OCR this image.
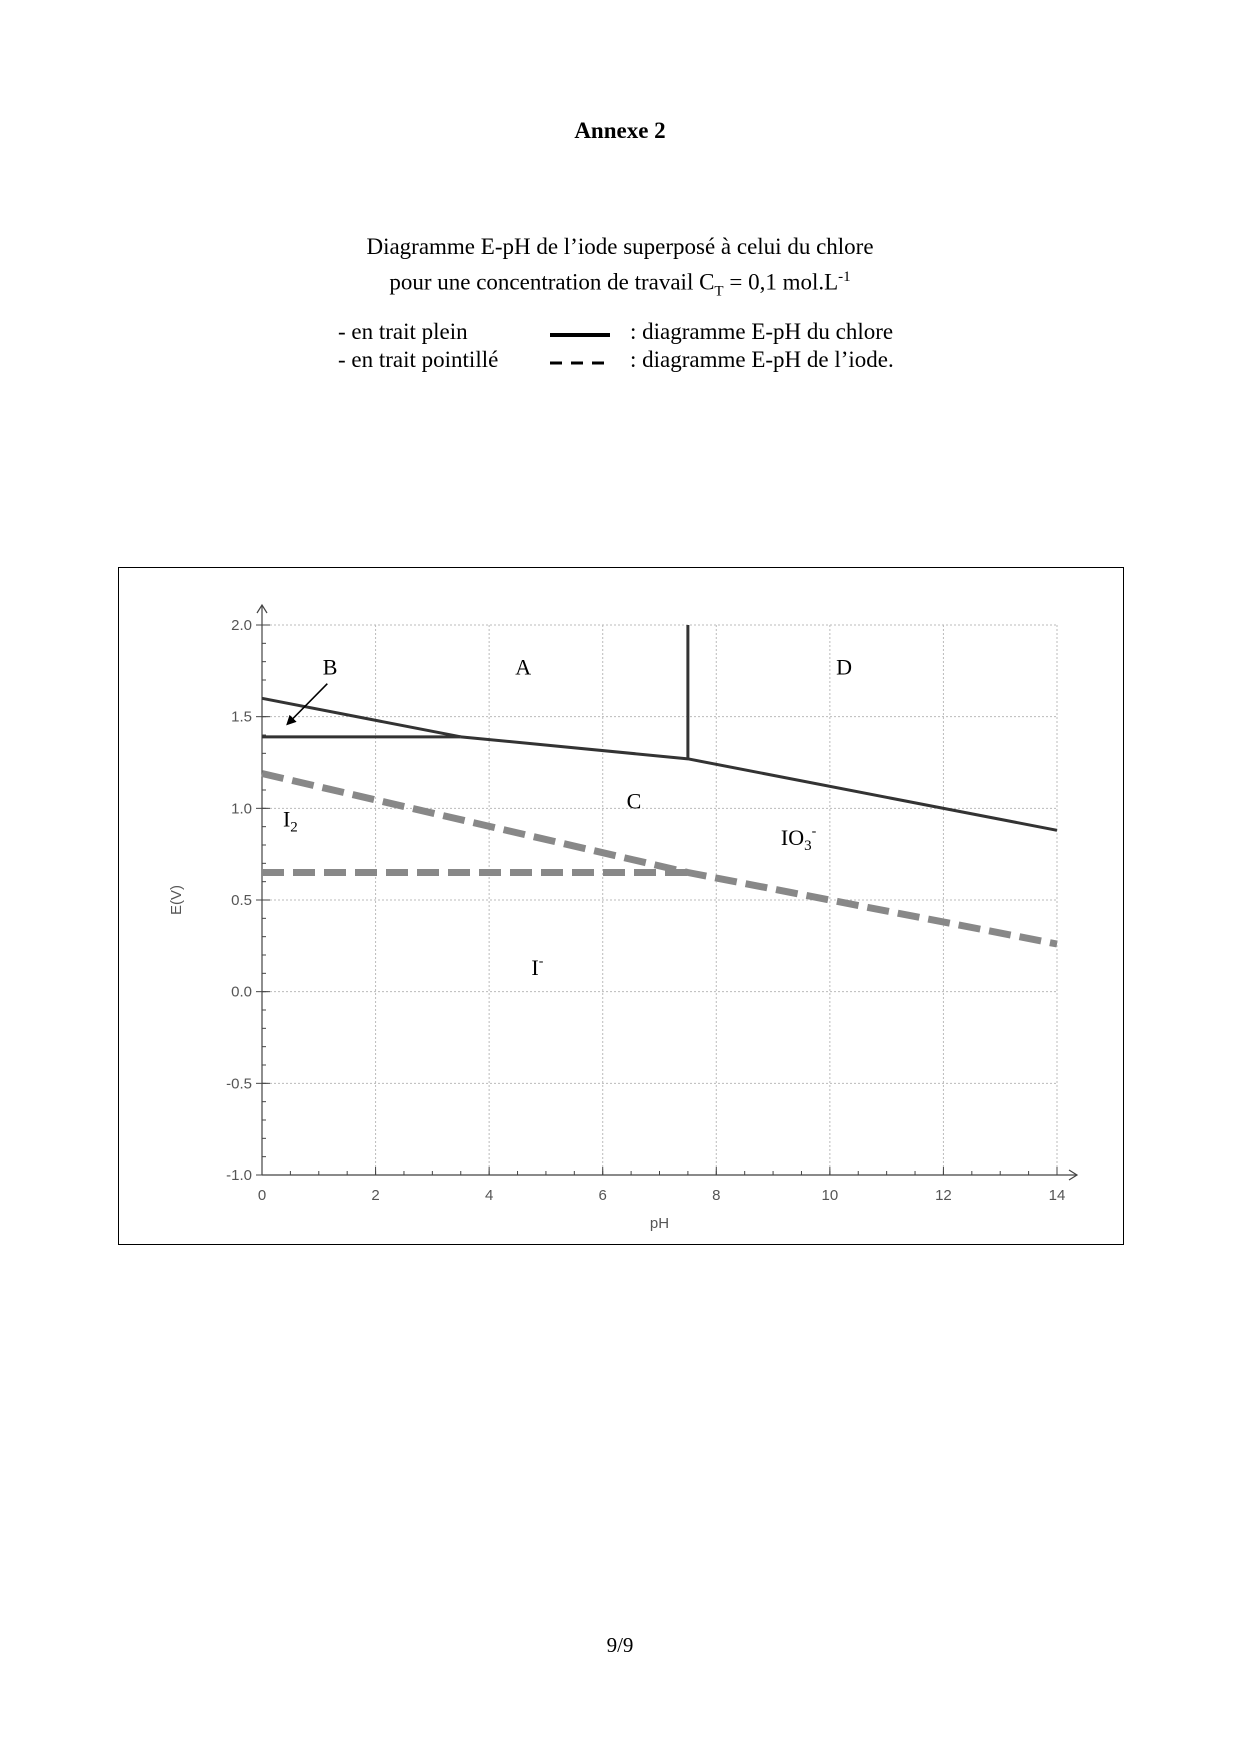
Annexe 2
Diagramme E-pH de l’iode superposé à celui du chlore
pour une concentration de travail $C_T = 0,1$ $mol.L^{-1}$
- en trait plein	: diagramme E-pH du chlore
- en trait pointillé	: diagramme E-pH de l’iode.
0	2	4	6	8	10	12	14
2.0
1.5
1.0
0.5
0.0
-0.5
-1.0
pH
E(V)
A
B	D
C
$I_2$	$IO_3^-$
I-
9/9
